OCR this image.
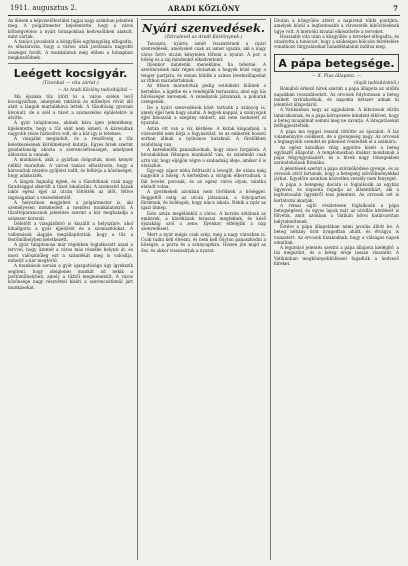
1911. augusztus 2.	ARADI KÖZLÖNY	7

Az ülésen a képviselőtestület tagjai nagy számban jelentek meg. A polgármester bejelentette, hogy a város költségvetése a nyári hónapokban kedvezőbben alakult, mint várták.

A tanács javaslatát a közgyűlés egyhangúlag elfogadta, és elhatározta, hogy a városi utak javítására nagyobb összeget fordít. A munkálatok még ebben a hónapban megkezdődnek.

Leégett kocsigyár.

(Tizenhat — vita zárlat.)

— Az Aradi Közlöny tudósítójától —

Ma éjszaka tűz ütött ki a város szélén levő kocsigyárban, amelynek raktárai és műhelyei rövid idő alatt a lángok martalékává lettek. A tűzoltóság gyorsan kivonult, de a szél a tüzet a szomszédos épületekre is átvitte.

A gyár tulajdonosa, akinek kára igen jelentékeny, kijelentette, hogy a tűz okát nem ismeri. A károsultak nagyobb része biztosítva volt, de a kár így is tetemes.

A vizsgálat megindult, és a rendőrség a tűz keletkezésének körülményeit kutatja. Egyes hírek szerint gondatlanság okozta a szerencsétlenséget, amelynek áldozatai is vannak.

A munkások, akik a gyárban dolgoztak, most kenyér nélkül maradtak. A városi tanács elhatározta, hogy a károsultak részére gyűjtést indít, és felhívja a közönséget, hogy adakozzék.

A lángok hajnalig égtek, és a tűzoltóknak csak nagy fáradsággal sikerült a tüzet lokalizálni. A szomszéd házak lakói egész éjjel az utcán töltötték az időt, féltve ingóságaikat a veszedelemtől.

A helyszínen megjelent a polgármester is, aki személyesen intézkedett a mentési munkálatokról. A tűzoltóparancsnok jelentése szerint a kár meghaladja a százezer koronát.

Délelőtt a vizsgálóbíró is kiszállt a helyszínre, ahol kihallgatta a gyár éjjeliőrét és a szomszédokat. A vallomások alapján megállapították, hogy a tűz a festőműhelyben keletkezett.

A gyár tulajdonosa már régebben foglalkozott azzal a tervvel, hogy üzemét a város más részébe helyezi át, és most valószínűleg ezt a szándékát meg is valósítja, mihelyt a kár megtérül.

A munkások sorsán a gyár igazgatósága úgy igyekszik segíteni, hogy ideiglenes munkát ad nekik a javítóműhelyben, amely a tűztől megmenekült. A város közönsége nagy részvéttel kíséri a szerencsétlenül járt munkásokat.

Nyári szenvedések.

(Tárcalevél az Aradi Közlönynek.)

Tavaszra, nyárra ismét visszatérnek a nyári szenvedések, amelyeket csak az ismer igazán, aki a nagy város forró utcáin kénytelen tölteni a nyarat. A por, a hőség és a zaj mindenkit elkedvetlenít.

Ilyenkor mindenki menekülne, ha tehetné. A szerencsések már régen elutaztak a hegyek közé vagy a tenger partjára, és onnan küldik a színes levelezőlapokat az itthon maradottaknak.

Az itthon maradottak pedig esténként kiülnek a kertekbe, a ligetbe és a vendéglők terraszára, ahol egy kis hűvösséget keresnek. A zenekarok játszanak, a poharak csengenek.

De a nyári szenvedések közé tartozik a szúnyog is, amely éjjel nem hagy aludni. A legyek nappal, a szúnyogok éjjel kínozzák a szegény embert, aki nem mehetett el nyaralni.

Aztán ott van a víz kérdése. A kutak kiapadnak, a vízvezeték nem bírja a fogyasztást, és az emberek hosszú sorban állnak a nyilvános kutaknál. A fürdőkben zsúfoltság van.

A kereskedők panaszkodnak, hogy nincs forgalom. A hivatalokban félnapos munkaidő van, és mindenki csak arra vár, hogy eljöjjön végre a szabadság ideje, amikor ő is elutazhat.

Egy-egy zápor néha felfrissíti a levegőt, de utána még nagyobb a hőség. A kertekben a virágok elhervadnak, a fák levelei porosak, és az egész város olyan, mintha elaludt volna.

A gyermekek azonban nem törődnek a hőséggel. Reggeltől estig az utcán játszanak, a folyóparton fürdenek, és boldogok, hogy nincs iskola. Nekik a nyár az igazi ünnep.

Este aztán megélénkül a város. A korzón sétálnak az emberek, a kávéházak teraszai megtelnek, és késő éjszakáig szól a zene. Ilyenkor elfelejtik a nap szenvedéseit.

Mert a nyár mégis csak szép, még a nagy városban is. Csak tudni kell élvezni, és nem kell folyton panaszkodni a hőségre, a porra és a szúnyogokra. Hiszen jön majd az ősz, és akkor visszasírjuk a nyarat.

Ezután a közgyűlés áttért a napirend többi pontjára, amelyek közül a legfontosabb a vízvezeték kibővítésének ügye volt. A mérnöki hivatal elkészítette a terveket.

Hosszabb vita után a közgyűlés a terveket elfogadta, és utasította a tanácsot, hogy a szükséges kölcsön felvételére vonatkozó tárgyalásokat haladéktalanul indítsa meg.

A pápa betegsége.

— X. Pius állapota. —

(Saját tudósítónktól.)

Rómából érkező hírek szerint a pápa állapota az utóbbi napokban rosszabbodott. Az orvosok folytonosan a beteg mellett tartózkodnak, és naponta kétszer adnak ki jelentést állapotáról.

A Vatikánban nagy az aggodalom. A bíborosok sűrűn tanácskoznak, és a pápa környezete mindent elkövet, hogy a beteg nyugalmát semmi meg ne zavarja. A látogatásokat felfüggesztették.

A pápa ma reggel rosszul töltötte az éjszakát. A láz valamennyire csökkent, de a gyengeség nagy. Az orvosok a legnagyobb csendet és pihenést rendelték el a számára.

Az egész katolikus világ aggódva kíséri a beteg egyházfő állapotát. A templomokban imákat mondanak a pápa felgyógyulásáért, és a hívek nagy tömegekben zarándokolnak Rómába.

A jelentések szerint a pápa szívműködése gyenge, és az orvosok attól tartanak, hogy a betegség szövődményekkel járhat. Egyelőre azonban közvetlen veszély nem fenyeget.

A pápa a betegség dacára is foglalkozik az egyház ügyeivel, és naponta fogadja az államtitkárt, aki a legfontosabb ügyekről tesz jelentést. Az orvosok ezt is korlátozni akarják.

A római sajtó részletesen foglalkozik a pápa betegségével, és egyes lapok már az utódlás kérdését is fölvetik, amit azonban a Vatikán körei határozottan helytelenítenek.

Estére a pápa állapotában némi javulás állott be. A beteg néhány órát nyugodtan aludt, és étvágya is visszatért. Az orvosok bizakodnak, hogy a válságos napok elmúltak.

A legutolsó jelentés szerint a pápa állapota kielégítő, a láz megszűnt, és a beteg ereje lassan visszatér. A Vatikánban megkönnyebbüléssel fogadták a kedvező híreket.
